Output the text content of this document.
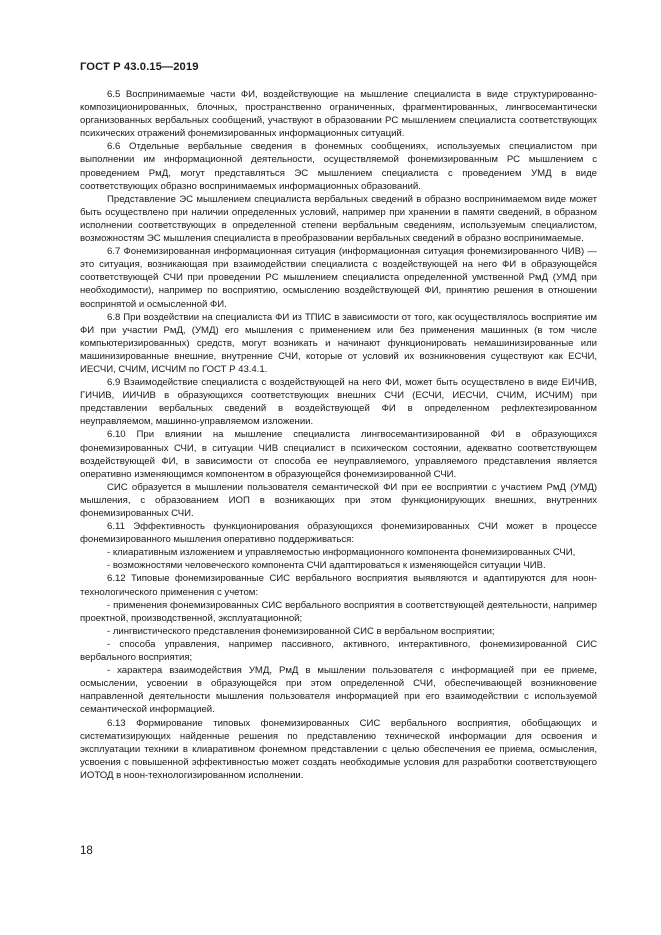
ГОСТ Р 43.0.15—2019

6.5 Воспринимаемые части ФИ, воздействующие на мышление специалиста в виде структурированно-композиционированных, блочных, пространственно ограниченных, фрагментированных, лингвосемантически организованных вербальных сообщений, участвуют в образовании РС мышлением специалиста соответствующих психических отражений фонемизированных информационных ситуаций.

6.6 Отдельные вербальные сведения в фонемных сообщениях, используемых специалистом при выполнении им информационной деятельности, осуществляемой фонемизированным РС мышлением с проведением РмД, могут представляться ЭС мышлением специалиста с проведением УМД в виде соответствующих образно воспринимаемых информационных образований.

Представление ЭС мышлением специалиста вербальных сведений в образно воспринимаемом виде может быть осуществлено при наличии определенных условий, например при хранении в памяти сведений, в образном исполнении соответствующих в определенной степени вербальным сведениям, используемым специалистом, возможностям ЭС мышления специалиста в преобразовании вербальных сведений в образно воспринимаемые.

6.7 Фонемизированная информационная ситуация (информационная ситуация фонемизированного ЧИВ) — это ситуация, возникающая при взаимодействии специалиста с воздействующей на него ФИ в образующейся соответствующей СЧИ при проведении РС мышлением специалиста определенной умственной РмД (УМД при необходимости), например по восприятию, осмыслению воздействующей ФИ, принятию решения в отношении воспринятой и осмысленной ФИ.

6.8 При воздействии на специалиста ФИ из ТПИС в зависимости от того, как осуществлялось восприятие им ФИ при участии РмД, (УМД) его мышления с применением или без применения машинных (в том числе компьютеризированных) средств, могут возникать и начинают функционировать немашинизированные или машинизированные внешние, внутренние СЧИ, которые от условий их возникновения существуют как ЕСЧИ, ИЕСЧИ, СЧИМ, ИСЧИМ по ГОСТ Р 43.4.1.

6.9 Взаимодействие специалиста с воздействующей на него ФИ, может быть осуществлено в виде ЕИЧИВ, ГИЧИВ, ИИЧИВ в образующихся соответствующих внешних СЧИ (ЕСЧИ, ИЕСЧИ, СЧИМ, ИСЧИМ) при представлении вербальных сведений в воздействующей ФИ в определенном рефлектезированном неуправляемом, машинно-управляемом изложении.

6.10 При влиянии на мышление специалиста лингвосемантизированной ФИ в образующихся фонемизированных СЧИ, в ситуации ЧИВ специалист в психическом состоянии, адекватно соответствующем воздействующей ФИ, в зависимости от способа ее неуправляемого, управляемого представления является оперативно изменяющимся компонентом в образующейся фонемизированной СЧИ.

СИС образуется в мышлении пользователя семантической ФИ при ее восприятии с участием РмД (УМД) мышления, с образованием ИОП в возникающих при этом функционирующих внешних, внутренних фонемизированных СЧИ.

6.11 Эффективность функционирования образующихся фонемизированных СЧИ может в процессе фонемизированного мышления оперативно поддерживаться:

- клиаративным изложением и управляемостью информационного компонента фонемизированных СЧИ,

- возможностями человеческого компонента СЧИ адаптироваться к изменяющейся ситуации ЧИВ.

6.12 Типовые фонемизированные СИС вербального восприятия выявляются и адаптируются для ноон-технологического применения с учетом:

- применения фонемизированных СИС вербального восприятия в соответствующей деятельности, например проектной, производственной, эксплуатационной;

- лингвистического представления фонемизированной СИС в вербальном восприятии;

- способа управления, например пассивного, активного, интерактивного, фонемизированной СИС вербального восприятия;

- характера взаимодействия УМД, РмД в мышлении пользователя с информацией при ее приеме, осмыслении, усвоении в образующейся при этом определенной СЧИ, обеспечивающей возникновение направленной деятельности мышления пользователя информацией при его взаимодействии с используемой семантической информацией.

6.13 Формирование типовых фонемизированных СИС вербального восприятия, обобщающих и систематизирующих найденные решения по представлению технической информации для освоения и эксплуатации техники в клиаративном фонемном представлении с целью обеспечения ее приема, осмысления, усвоения с повышенной эффективностью может создать необходимые условия для разработки соответствующего ИОТОД в ноон-технологизированном исполнении.

18
